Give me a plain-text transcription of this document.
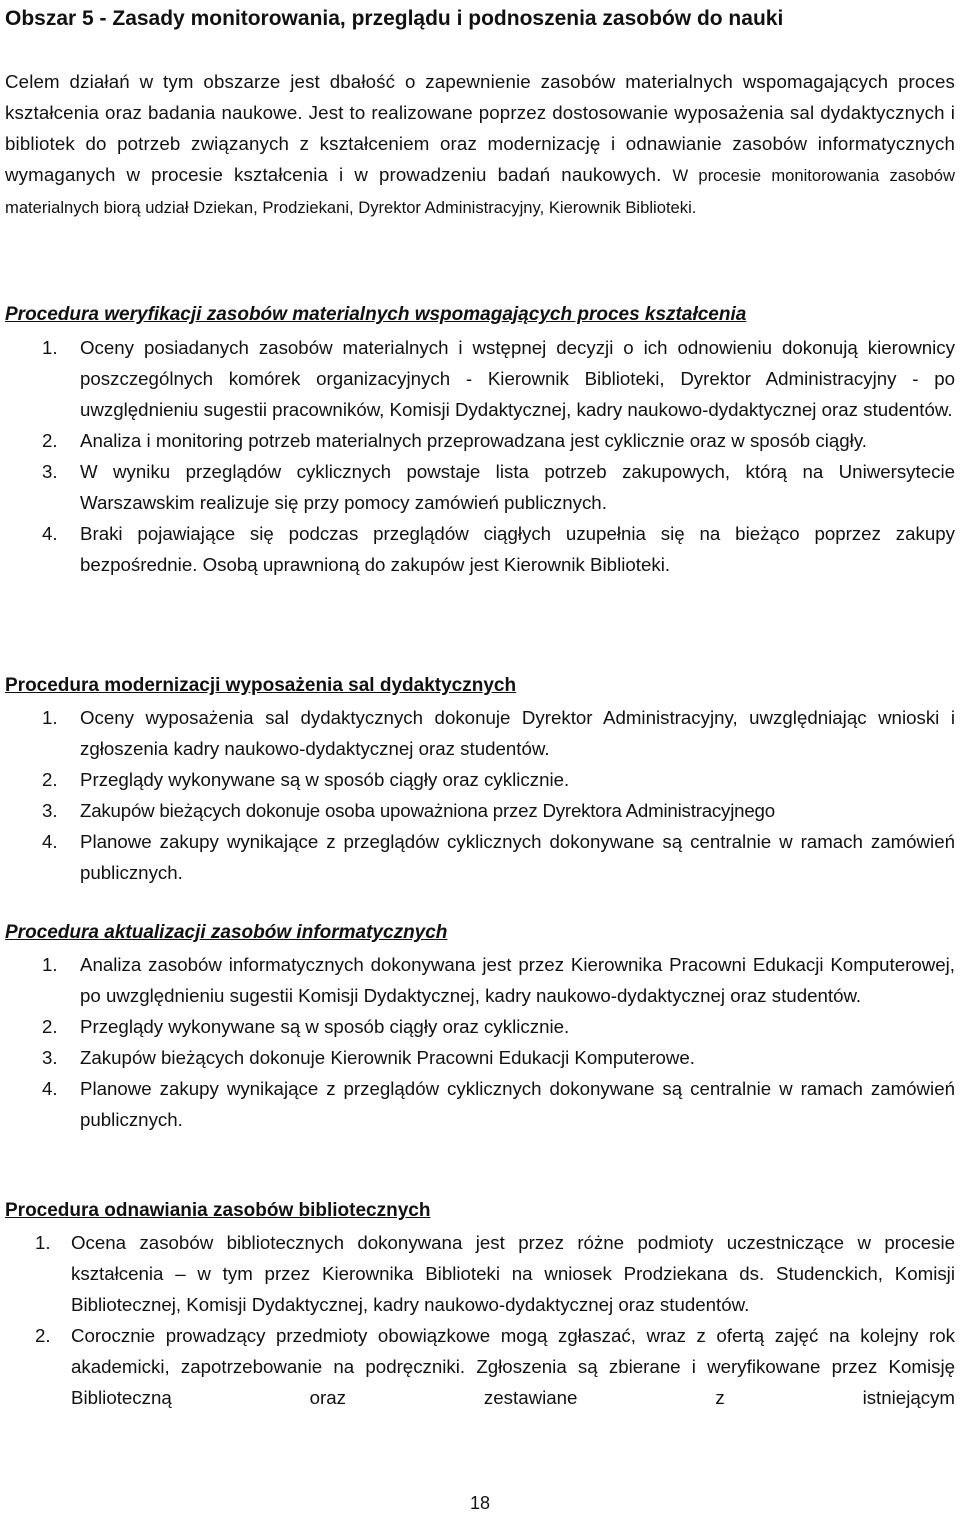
Obszar 5 - Zasady monitorowania, przeglądu i podnoszenia zasobów do nauki

Celem działań w tym obszarze jest dbałość o zapewnienie zasobów materialnych wspomagających proces kształcenia oraz badania naukowe. Jest to realizowane poprzez dostosowanie wyposażenia sal dydaktycznych i bibliotek do potrzeb związanych z kształceniem oraz modernizację i odnawianie zasobów informatycznych wymaganych w procesie kształcenia i w prowadzeniu badań naukowych. W procesie monitorowania zasobów materialnych biorą udział Dziekan, Prodziekani, Dyrektor Administracyjny, Kierownik Biblioteki.

Procedura weryfikacji zasobów materialnych wspomagających proces kształcenia
1. Oceny posiadanych zasobów materialnych i wstępnej decyzji o ich odnowieniu dokonują kierownicy poszczególnych komórek organizacyjnych - Kierownik Biblioteki, Dyrektor Administracyjny - po uwzględnieniu sugestii pracowników, Komisji Dydaktycznej, kadry naukowo-dydaktycznej oraz studentów.
2. Analiza i monitoring potrzeb materialnych przeprowadzana jest cyklicznie oraz w sposób ciągły.
3. W wyniku przeglądów cyklicznych powstaje lista potrzeb zakupowych, którą na Uniwersytecie Warszawskim realizuje się przy pomocy zamówień publicznych.
4. Braki pojawiające się podczas przeglądów ciągłych uzupełnia się na bieżąco poprzez zakupy bezpośrednie. Osobą uprawnioną do zakupów jest Kierownik Biblioteki.
Procedura modernizacji wyposażenia sal dydaktycznych
1. Oceny wyposażenia sal dydaktycznych dokonuje Dyrektor Administracyjny, uwzględniając wnioski i zgłoszenia kadry naukowo-dydaktycznej oraz studentów.
2. Przeglądy wykonywane są w sposób ciągły oraz cyklicznie.
3. Zakupów bieżących dokonuje osoba upoważniona przez Dyrektora Administracyjnego
4. Planowe zakupy wynikające z przeglądów cyklicznych dokonywane są centralnie w ramach zamówień publicznych.
Procedura aktualizacji zasobów informatycznych
1. Analiza zasobów informatycznych dokonywana jest przez Kierownika Pracowni Edukacji Komputerowej, po uwzględnieniu sugestii Komisji Dydaktycznej, kadry naukowo-dydaktycznej oraz studentów.
2. Przeglądy wykonywane są w sposób ciągły oraz cyklicznie.
3. Zakupów bieżących dokonuje Kierownik Pracowni Edukacji Komputerowe.
4. Planowe zakupy wynikające z przeglądów cyklicznych dokonywane są centralnie w ramach zamówień publicznych.
Procedura odnawiania zasobów bibliotecznych
1. Ocena zasobów bibliotecznych dokonywana jest przez różne podmioty uczestniczące w procesie kształcenia – w tym przez Kierownika Biblioteki na wniosek Prodziekana ds. Studenckich, Komisji Bibliotecznej, Komisji Dydaktycznej, kadry naukowo-dydaktycznej oraz studentów.
2. Corocznie prowadzący przedmioty obowiązkowe mogą zgłaszać, wraz z ofertą zajęć na kolejny rok akademicki, zapotrzebowanie na podręczniki. Zgłoszenia są zbierane i weryfikowane przez Komisję Biblioteczną oraz zestawiane z istniejącym

18
